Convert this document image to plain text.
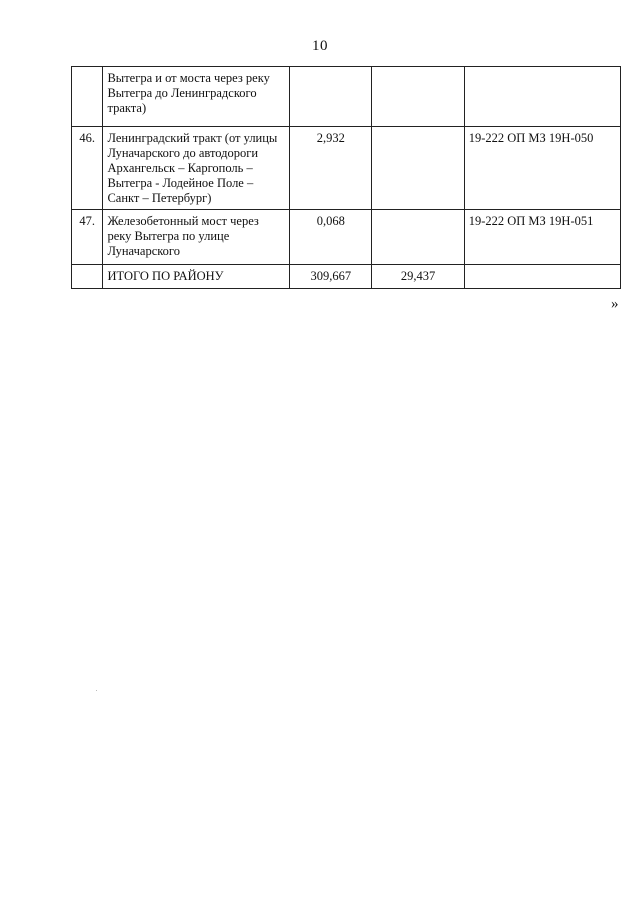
10
	Вытегра и от моста через реку Вытегра до Ленинградского тракта)			
46.	Ленинградский тракт (от улицы Луначарского до автодороги Архангельск – Каргополь – Вытегра - Лодейное Поле – Санкт – Петербург)	2,932		19-222 ОП МЗ 19Н-050
47.	Железобетонный мост через реку Вытегра по улице Луначарского	0,068		19-222 ОП МЗ 19Н-051
	ИТОГО ПО РАЙОНУ	309,667	29,437	
»
